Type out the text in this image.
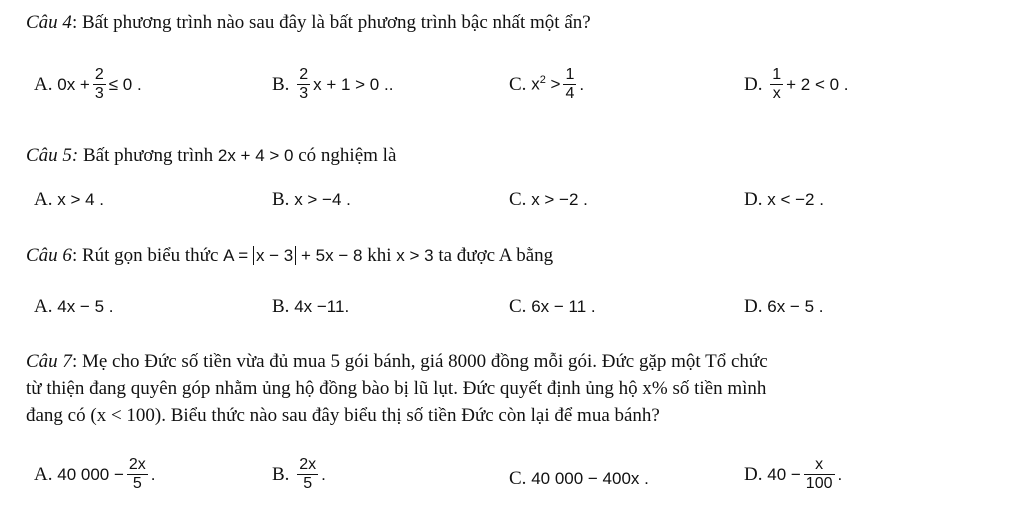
Câu 4: Bất phương trình nào sau đây là bất phương trình bậc nhất một ẩn?
A.
$0x + \frac{2}{3} \le 0$ .	B.
$\frac{2}{3}$ x + 1 > 0 ..	C.
$x^2 > \frac{1}{4}$ .	D.
$\frac{1}{x} + 2 < 0$ .
Câu 5: Bất phương trình 2x + 4 > 0 có nghiệm là
A.
x > 4 .	B.
x > −4 .	C.
x > −2 .	D.
x < −2 .
Câu 6: Rút gọn biểu thức A = x − 3 + 5x − 8 khi x > 3 ta được A bằng
A.
4x − 5 .	B.
4x −11.	C.
6x − 11 .	D.
6x − 5 .
Câu 7: Mẹ cho Đức số tiền vừa đủ mua 5 gói bánh, giá 8000 đồng mỗi gói. Đức gặp một Tổ chức
từ thiện đang quyên góp nhằm ủng hộ đồng bào bị lũ lụt. Đức quyết định ủng hộ x% số tiền mình
đang có (x < 100). Biểu thức nào sau đây biểu thị số tiền Đức còn lại để mua bánh?
A.
40 $000 - \frac{2x}{5}$ .	B.
$\frac{2x}{5}$ .	C.
40 000 − 400x .	D.
$40 - \frac{x}{100}$ .
